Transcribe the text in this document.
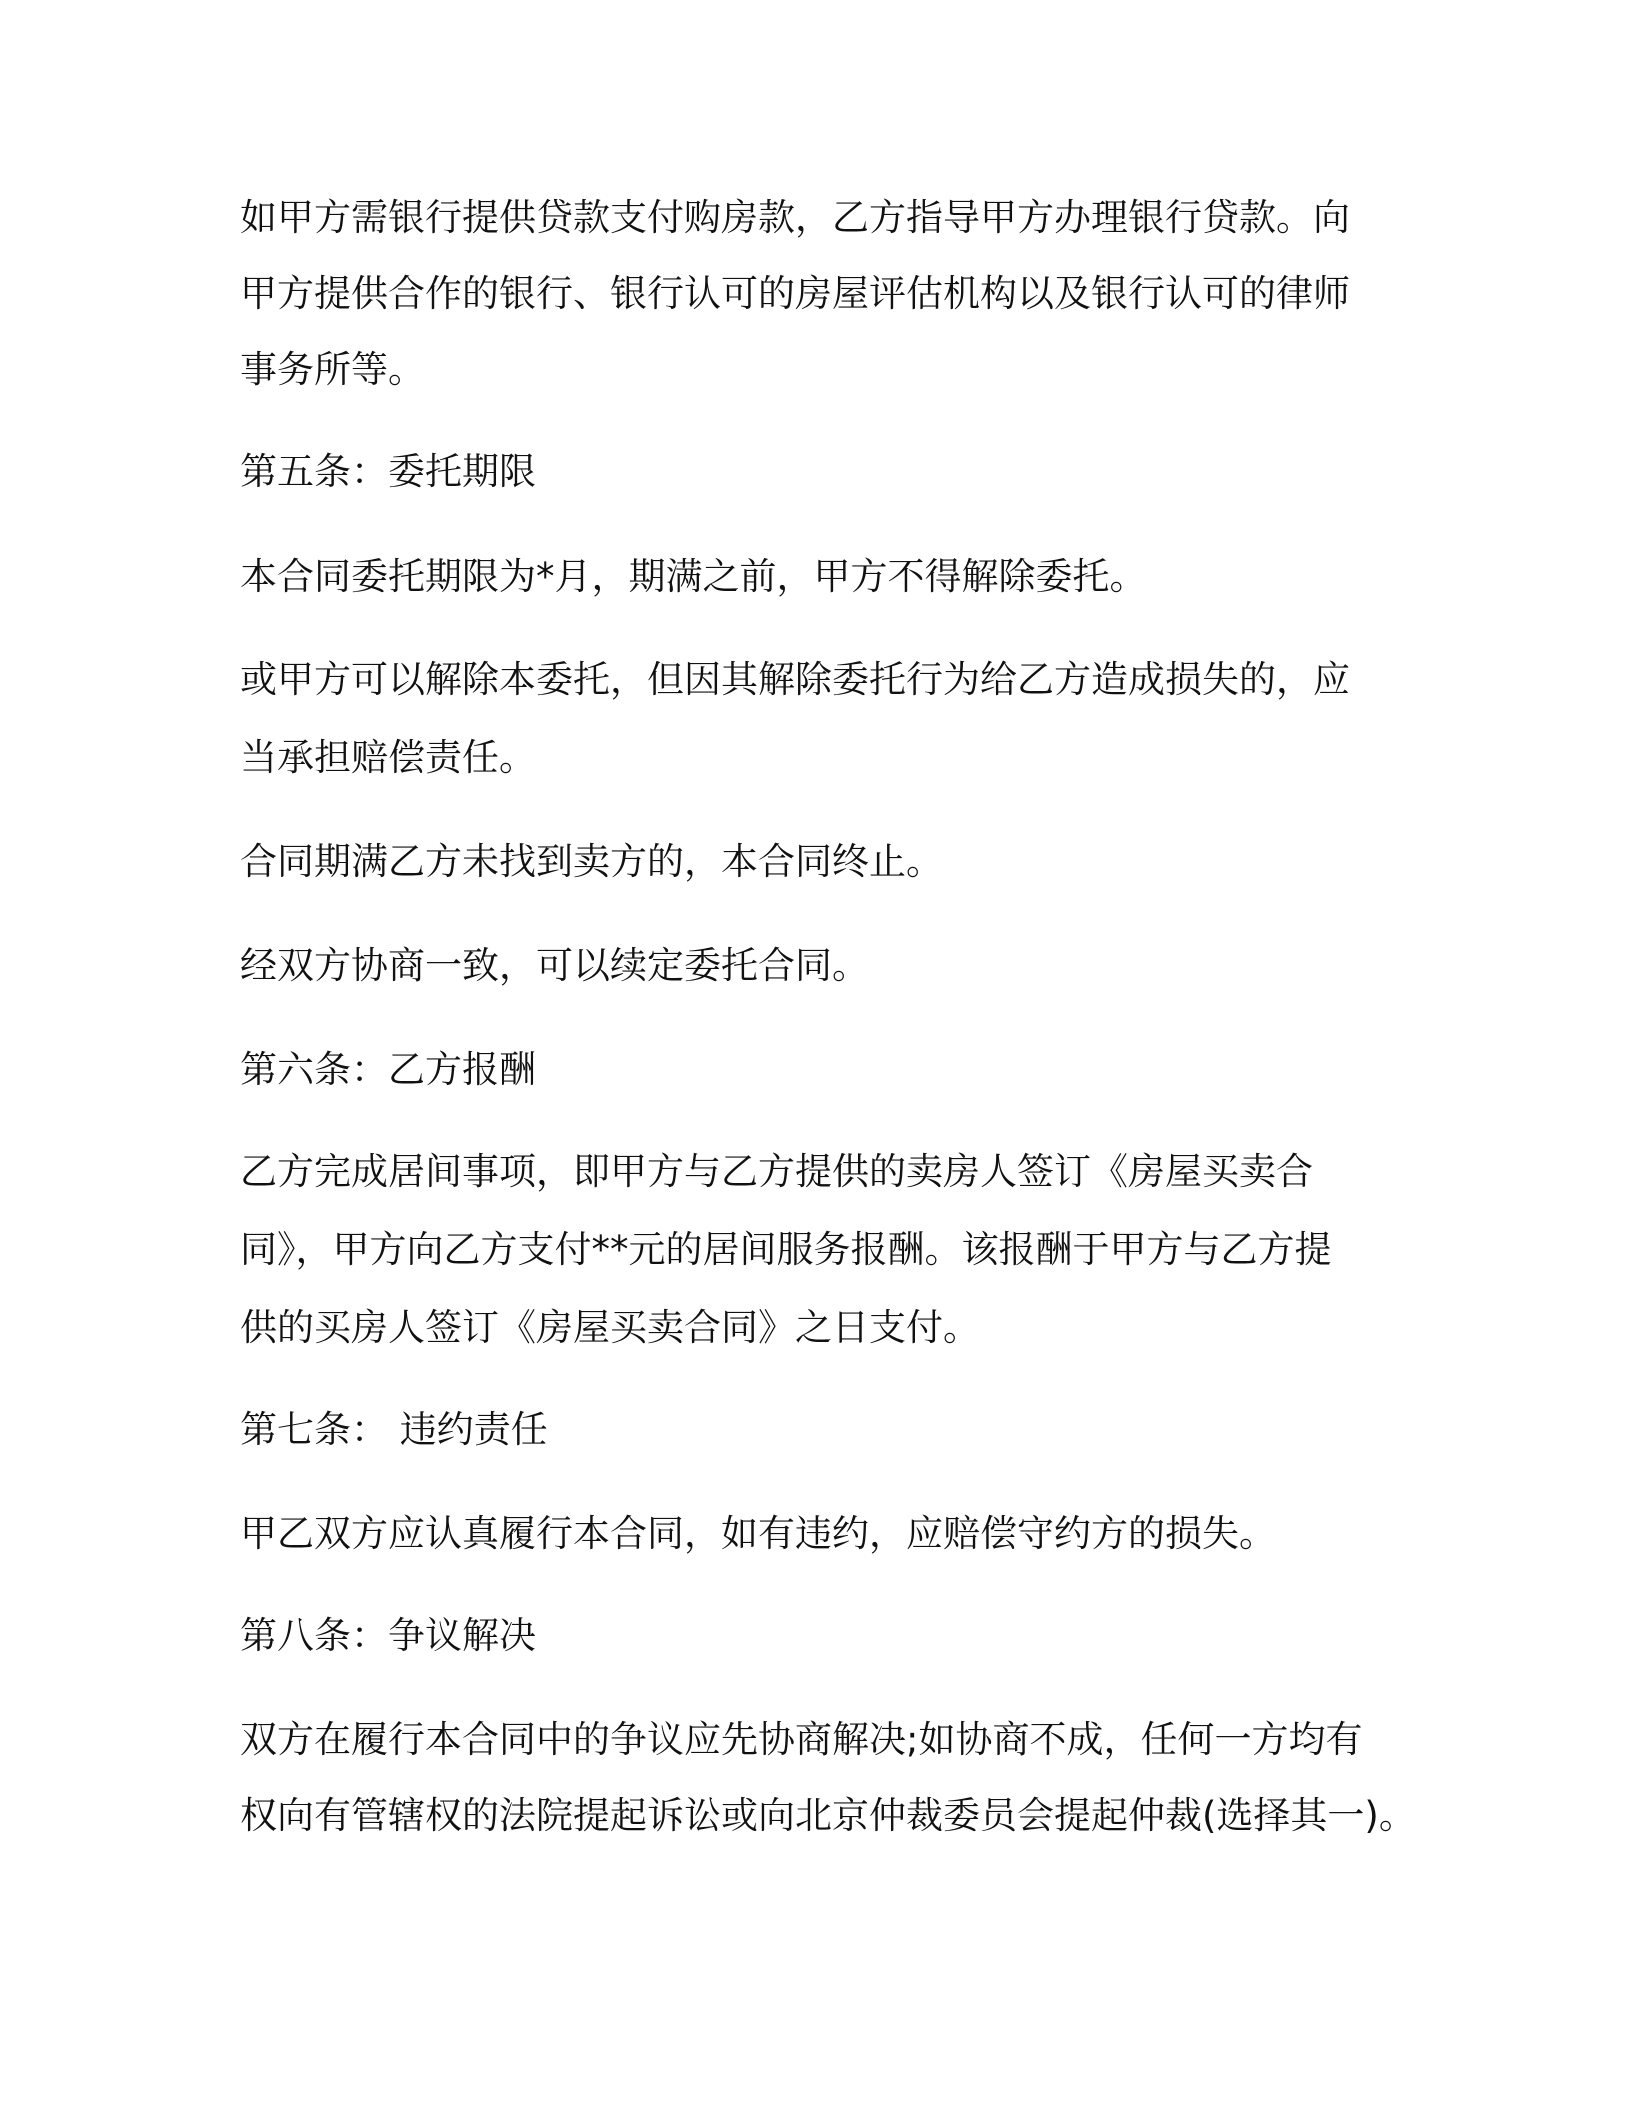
如甲方需银行提供贷款支付购房款，乙方指导甲方办理银行贷款。向

甲方提供合作的银行、银行认可的房屋评估机构以及银行认可的律师

事务所等。

第五条：委托期限

本合同委托期限为*月，期满之前，甲方不得解除委托。

或甲方可以解除本委托，但因其解除委托行为给乙方造成损失的，应

当承担赔偿责任。

合同期满乙方未找到卖方的，本合同终止。

经双方协商一致，可以续定委托合同。

第六条：乙方报酬

乙方完成居间事项，即甲方与乙方提供的卖房人签订《房屋买卖合

同》，甲方向乙方支付**元的居间服务报酬。该报酬于甲方与乙方提

供的买房人签订《房屋买卖合同》之日支付。

第七条： 违约责任

甲乙双方应认真履行本合同，如有违约，应赔偿守约方的损失。

第八条：争议解决

双方在履行本合同中的争议应先协商解决;如协商不成，任何一方均有

权向有管辖权的法院提起诉讼或向北京仲裁委员会提起仲裁(选择其一)。
